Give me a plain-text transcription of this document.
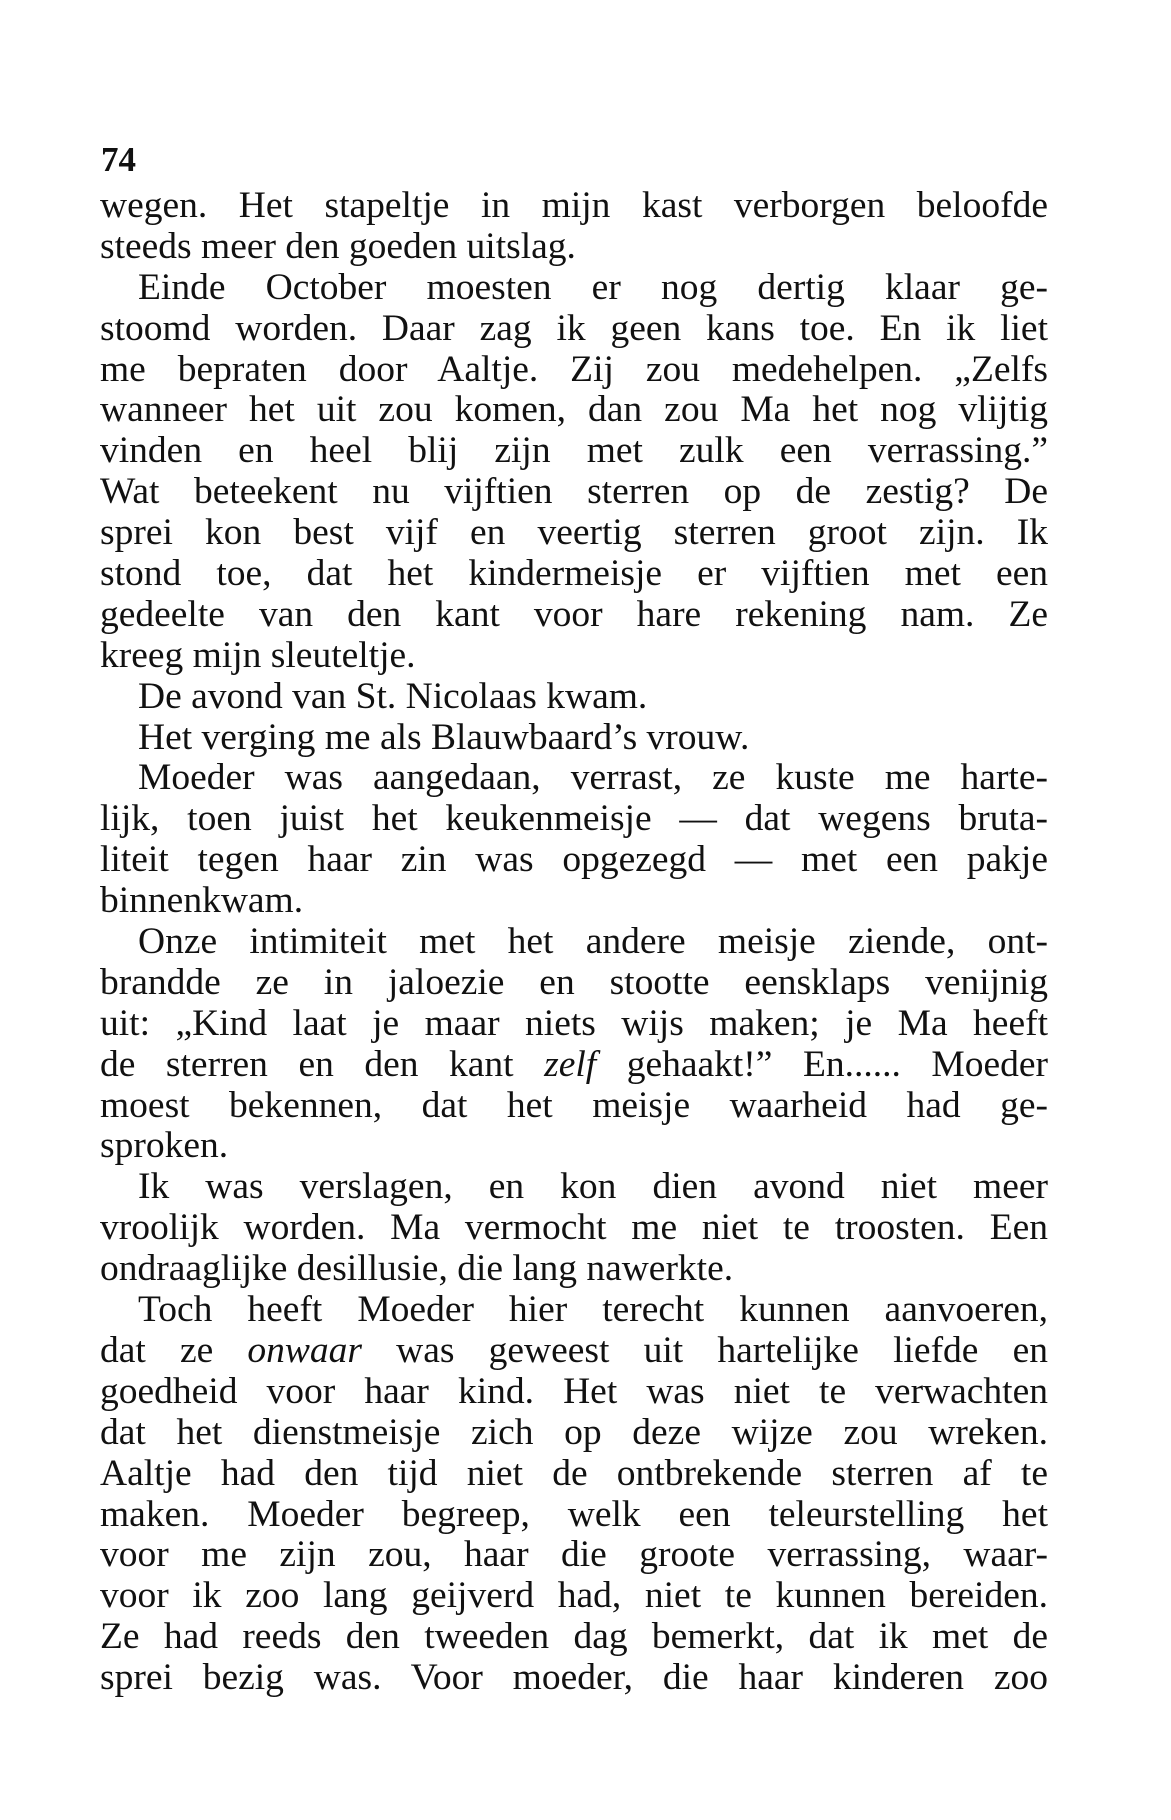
74
wegen. Het stapeltje in mijn kast verborgen beloofde
steeds meer den goeden uitslag.
Einde October moesten er nog dertig klaar ge-
stoomd worden. Daar zag ik geen kans toe. En ik liet
me bepraten door Aaltje. Zij zou medehelpen. „Zelfs
wanneer het uit zou komen, dan zou Ma het nog vlijtig
vinden en heel blij zijn met zulk een verrassing.”
Wat beteekent nu vijftien sterren op de zestig? De
sprei kon best vijf en veertig sterren groot zijn. Ik
stond toe, dat het kindermeisje er vijftien met een
gedeelte van den kant voor hare rekening nam. Ze
kreeg mijn sleuteltje.
De avond van St. Nicolaas kwam.
Het verging me als Blauwbaard’s vrouw.
Moeder was aangedaan, verrast, ze kuste me harte-
lijk, toen juist het keukenmeisje — dat wegens bruta-
liteit tegen haar zin was opgezegd — met een pakje
binnenkwam.
Onze intimiteit met het andere meisje ziende, ont-
brandde ze in jaloezie en stootte eensklaps venijnig
uit: „Kind laat je maar niets wijs maken; je Ma heeft
de sterren en den kant zelf gehaakt!” En...... Moeder
moest bekennen, dat het meisje waarheid had ge-
sproken.
Ik was verslagen, en kon dien avond niet meer
vroolijk worden. Ma vermocht me niet te troosten. Een
ondraaglijke desillusie, die lang nawerkte.
Toch heeft Moeder hier terecht kunnen aanvoeren,
dat ze onwaar was geweest uit hartelijke liefde en
goedheid voor haar kind. Het was niet te verwachten
dat het dienstmeisje zich op deze wijze zou wreken.
Aaltje had den tijd niet de ontbrekende sterren af te
maken. Moeder begreep, welk een teleurstelling het
voor me zijn zou, haar die groote verrassing, waar-
voor ik zoo lang geijverd had, niet te kunnen bereiden.
Ze had reeds den tweeden dag bemerkt, dat ik met de
sprei bezig was. Voor moeder, die haar kinderen zoo
